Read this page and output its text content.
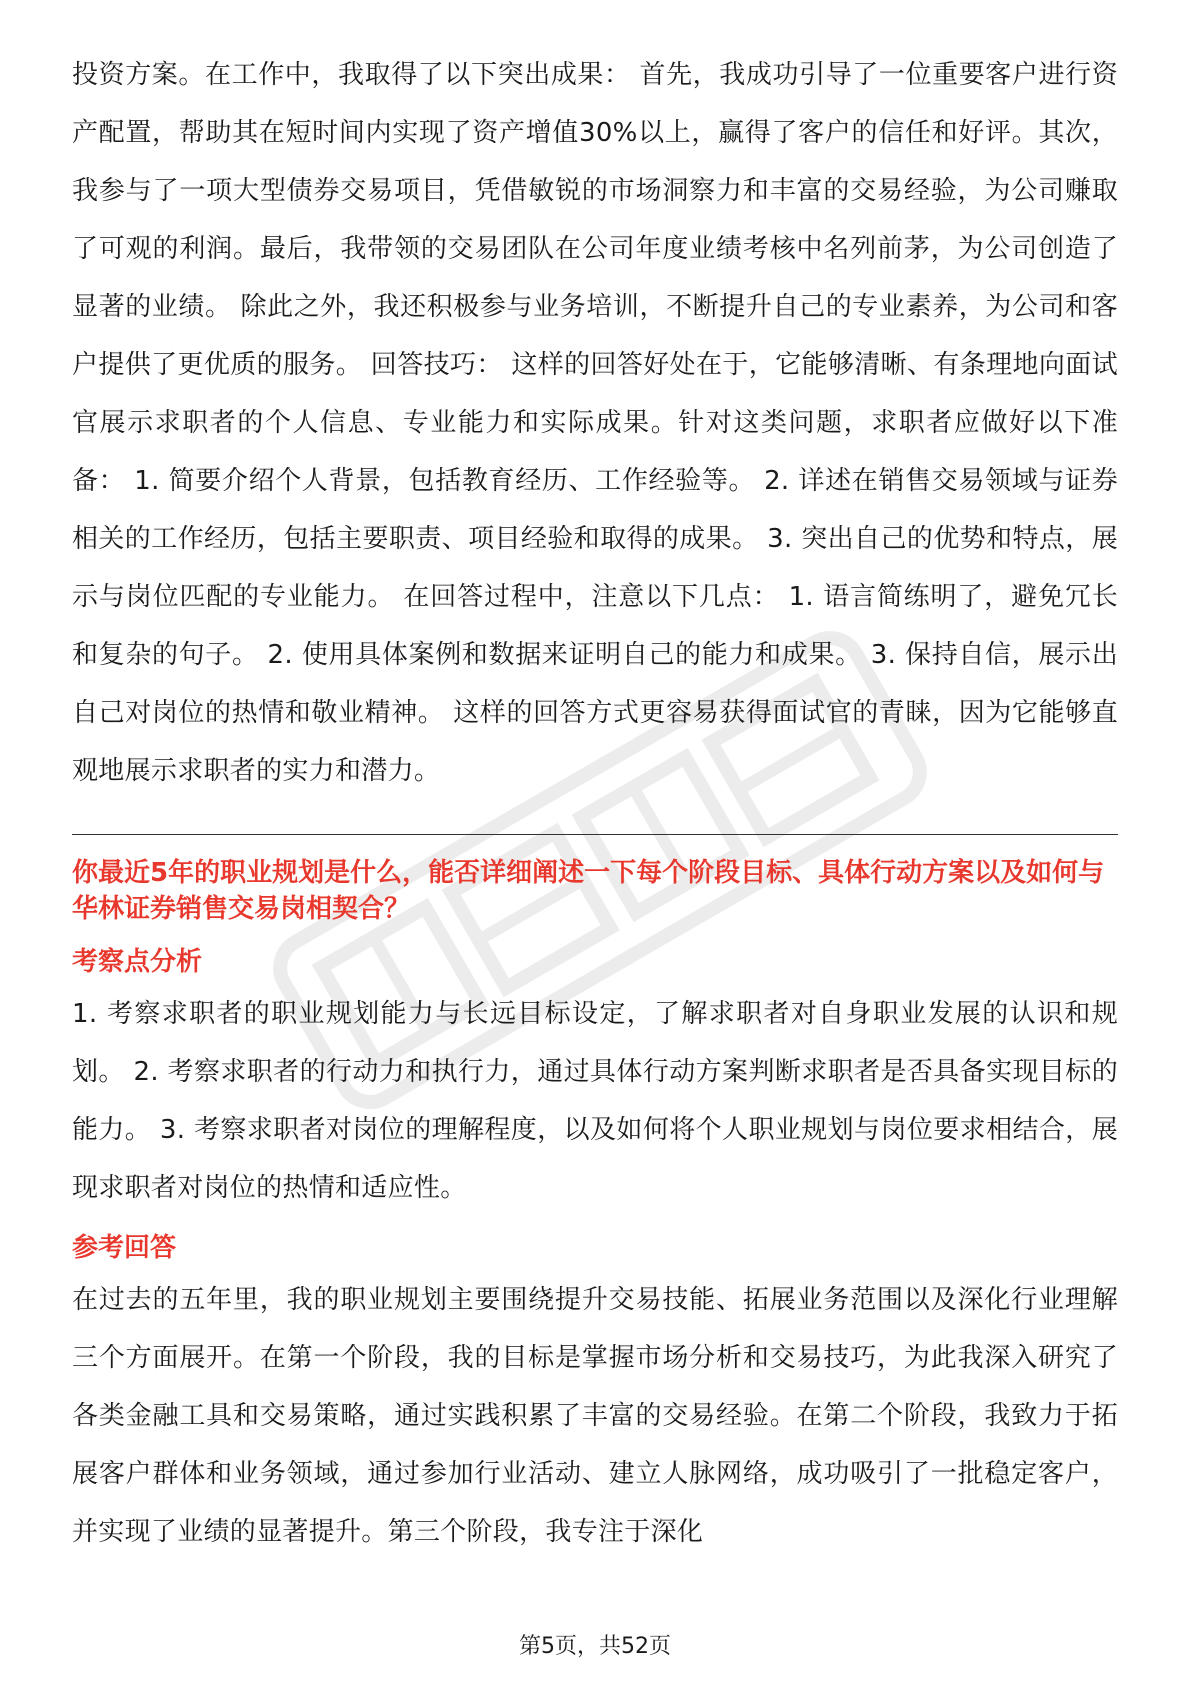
投资方案。在工作中，我取得了以下突出成果： 首先，我成功引导了一位重要客户进行资产配置，帮助其在短时间内实现了资产增值30%以上，赢得了客户的信任和好评。其次，我参与了一项大型债券交易项目，凭借敏锐的市场洞察力和丰富的交易经验，为公司赚取了可观的利润。最后，我带领的交易团队在公司年度业绩考核中名列前茅，为公司创造了显著的业绩。 除此之外，我还积极参与业务培训，不断提升自己的专业素养，为公司和客户提供了更优质的服务。 回答技巧： 这样的回答好处在于，它能够清晰、有条理地向面试官展示求职者的个人信息、专业能力和实际成果。针对这类问题，求职者应做好以下准备： 1. 简要介绍个人背景，包括教育经历、工作经验等。 2. 详述在销售交易领域与证券相关的工作经历，包括主要职责、项目经验和取得的成果。 3. 突出自己的优势和特点，展示与岗位匹配的专业能力。 在回答过程中，注意以下几点： 1. 语言简练明了，避免冗长和复杂的句子。 2. 使用具体案例和数据来证明自己的能力和成果。 3. 保持自信，展示出自己对岗位的热情和敬业精神。 这样的回答方式更容易获得面试官的青睐，因为它能够直观地展示求职者的实力和潜力。

你最近5年的职业规划是什么，能否详细阐述一下每个阶段目标、具体行动方案以及如何与华林证券销售交易岗相契合？

考察点分析

1. 考察求职者的职业规划能力与长远目标设定，了解求职者对自身职业发展的认识和规划。 2. 考察求职者的行动力和执行力，通过具体行动方案判断求职者是否具备实现目标的能力。 3. 考察求职者对岗位的理解程度，以及如何将个人职业规划与岗位要求相结合，展现求职者对岗位的热情和适应性。

参考回答

在过去的五年里，我的职业规划主要围绕提升交易技能、拓展业务范围以及深化行业理解三个方面展开。在第一个阶段，我的目标是掌握市场分析和交易技巧，为此我深入研究了各类金融工具和交易策略，通过实践积累了丰富的交易经验。在第二个阶段，我致力于拓展客户群体和业务领域，通过参加行业活动、建立人脉网络，成功吸引了一批稳定客户，并实现了业绩的显著提升。第三个阶段，我专注于深化

第5页，共52页
